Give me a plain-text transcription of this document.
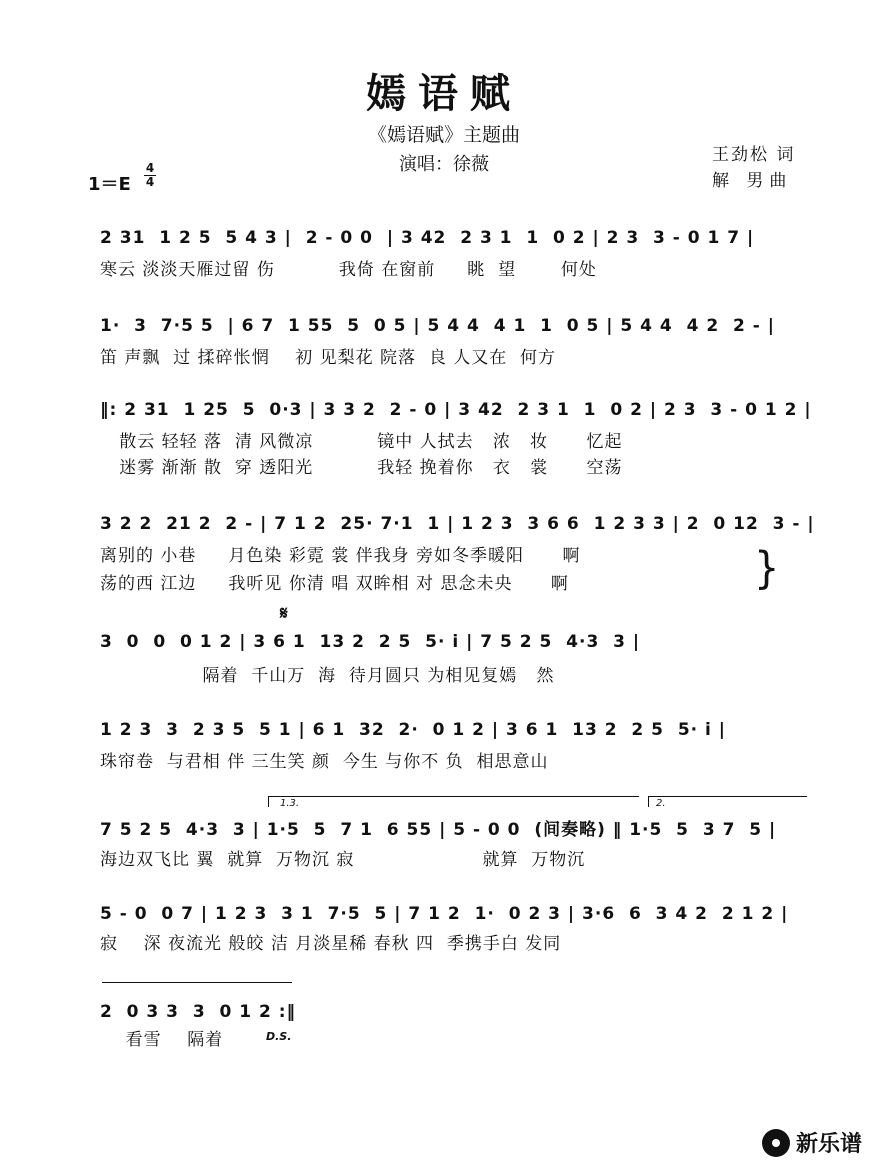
嫣语赋
《嫣语赋》主题曲
演唱：徐薇	王劲松 词
解 男曲
1＝E
4
4
2 31  1 2 5  5 4 3 |  2 - 0 0  | 3 42  2 3 1  1  0 2 | 2 3  3 - 0 1 7 |
寒云 淡淡天雁过留 伤          我倚 在窗前     眺  望       何处
1·  3  7·5 5  | 6 7  1 55  5  0 5 | 5 4 4  4 1  1  0 5 | 5 4 4  4 2  2 - |
笛 声飘  过 揉碎怅惘    初 见梨花 院落  良 人又在  何方
‖: 2 31  1 25  5  0·3 | 3 3 2  2 - 0 | 3 42  2 3 1  1  0 2 | 2 3  3 - 0 1 2 |
散云 轻轻 落  清 风微凉          镜中 人拭去   浓   妆      忆起
迷雾 渐渐 散  穿 透阳光          我轻 挽着你   衣   裳      空荡
3 2 2  21 2  2 - | 7 1 2  25· 7·1  1 | 1 2 3  3 6 6  1 2 3 3 | 2  0 12  3 - |
离别的 小巷     月色染 彩霓 裳 伴我身 旁如冬季暖阳      啊
荡的西 江边     我听见 你清 唱 双眸相 对 思念未央      啊	}
𝄋
3  0  0  0 1 2 | 3 6 1  13 2  2 5  5· i | 7 5 2 5  4·3  3 |
隔着  千山万  海  待月圆只 为相见复嫣   然
1 2 3  3  2 3 5  5 1 | 6 1  32  2·  0 1 2 | 3 6 1  13 2  2 5  5· i |
珠帘卷  与君相 伴 三生笑 颜  今生 与你不 负  相思意山
1.3.	2.
7 5 2 5  4·3  3 | 1·5  5  7 1  6 55 | 5 - 0 0  (间奏略) ‖ 1·5  5  3 7  5 |
海边双飞比 翼  就算  万物沉 寂                    就算  万物沉
5 - 0  0 7 | 1 2 3  3 1  7·5  5 | 7 1 2  1·  0 2 3 | 3·6  6  3 4 2  2 1 2 |
寂    深 夜流光 般皎 洁 月淡星稀 春秋 四  季携手白 发同
2  0 3 3  3  0 1 2 :‖
看雪    隔着	D.S.
新乐谱
